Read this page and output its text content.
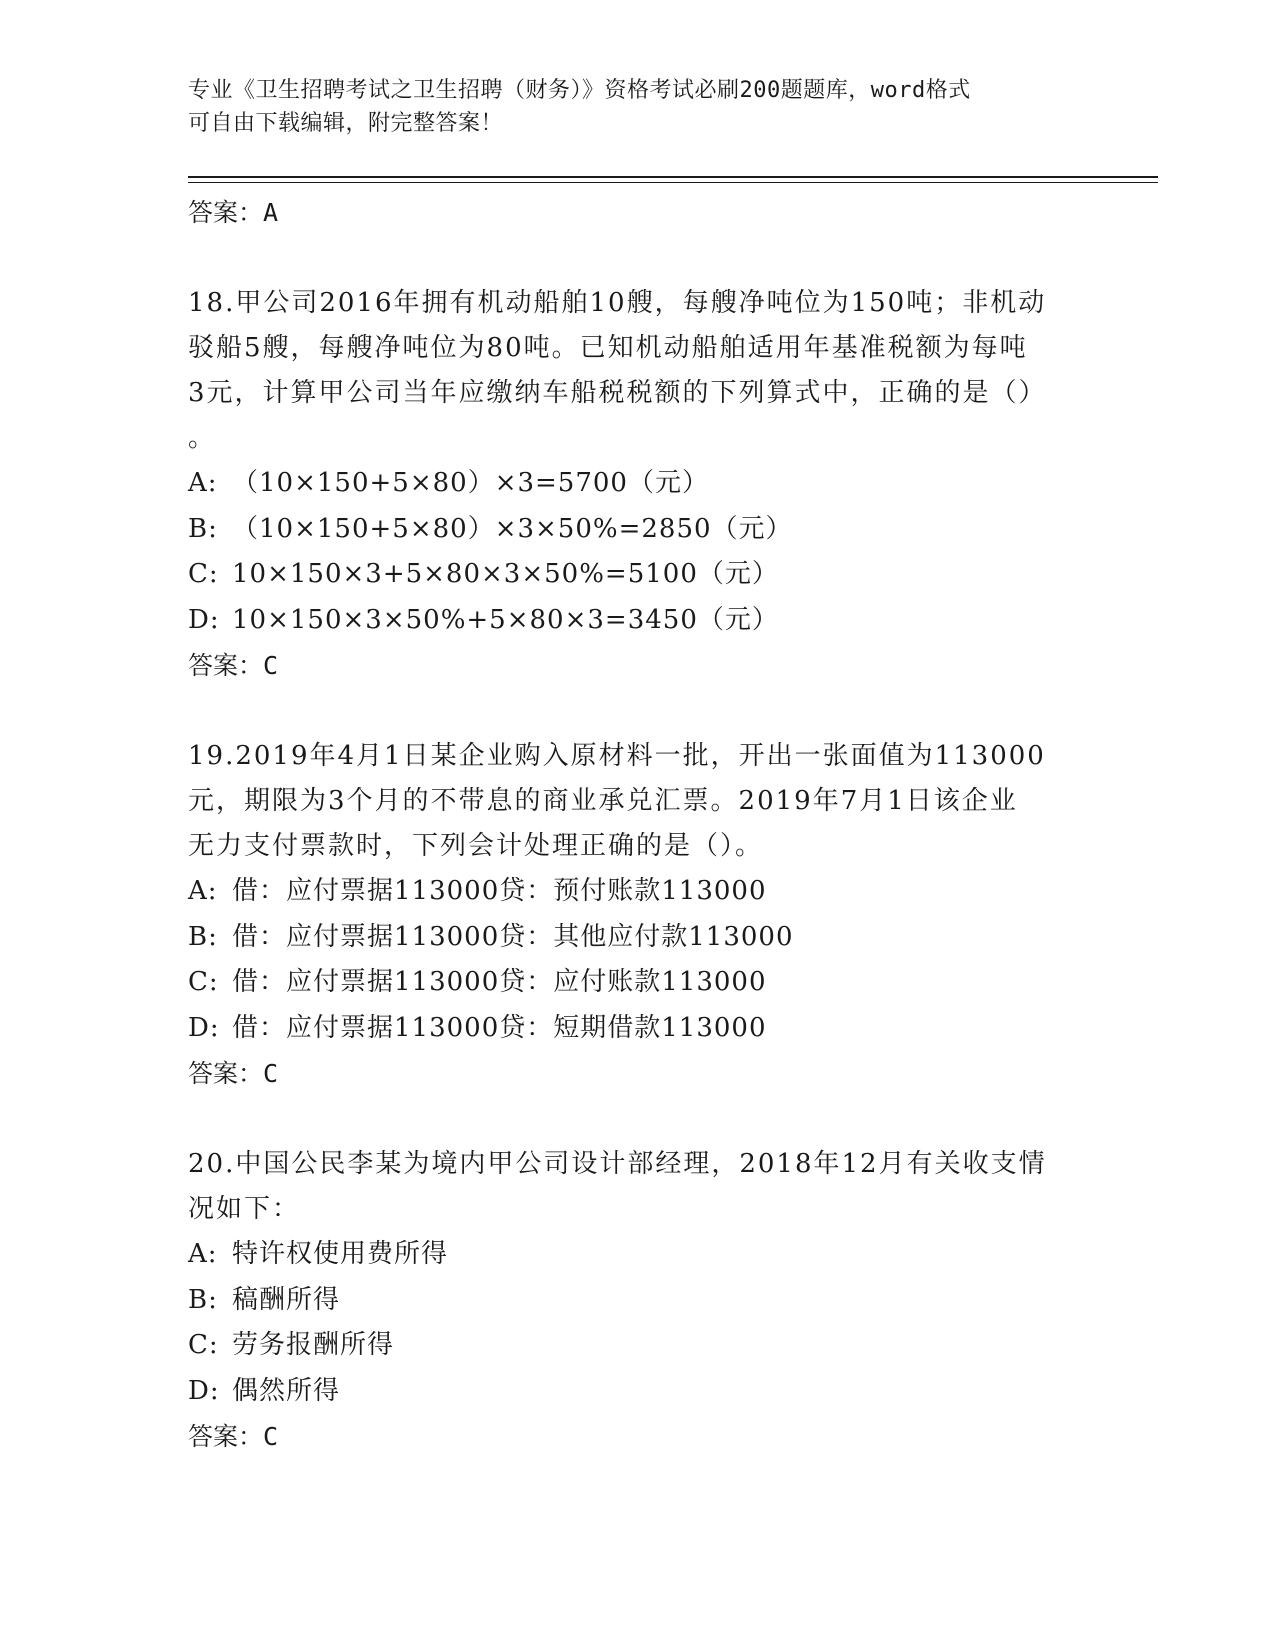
专业《卫生招聘考试之卫生招聘（财务）》资格考试必刷200题题库，word格式
可自由下载编辑，附完整答案！
答案：A
18.甲公司2016年拥有机动船舶10艘，每艘净吨位为150吨；非机动
驳船5艘，每艘净吨位为80吨。已知机动船舶适用年基准税额为每吨
3元，计算甲公司当年应缴纳车船税税额的下列算式中，正确的是（）
。
A: （10×150+5×80）×3=5700（元）
B: （10×150+5×80）×3×50%=2850（元）
C: 10×150×3+5×80×3×50%=5100（元）
D: 10×150×3×50%+5×80×3=3450（元）
答案：C
19.2019年4月1日某企业购入原材料一批，开出一张面值为113000
元，期限为3个月的不带息的商业承兑汇票。2019年7月1日该企业
无力支付票款时，下列会计处理正确的是（）。
A: 借：应付票据113000贷：预付账款113000
B: 借：应付票据113000贷：其他应付款113000
C: 借：应付票据113000贷：应付账款113000
D: 借：应付票据113000贷：短期借款113000
答案：C
20.中国公民李某为境内甲公司设计部经理，2018年12月有关收支情
况如下：
A: 特许权使用费所得
B: 稿酬所得
C: 劳务报酬所得
D: 偶然所得
答案：C
